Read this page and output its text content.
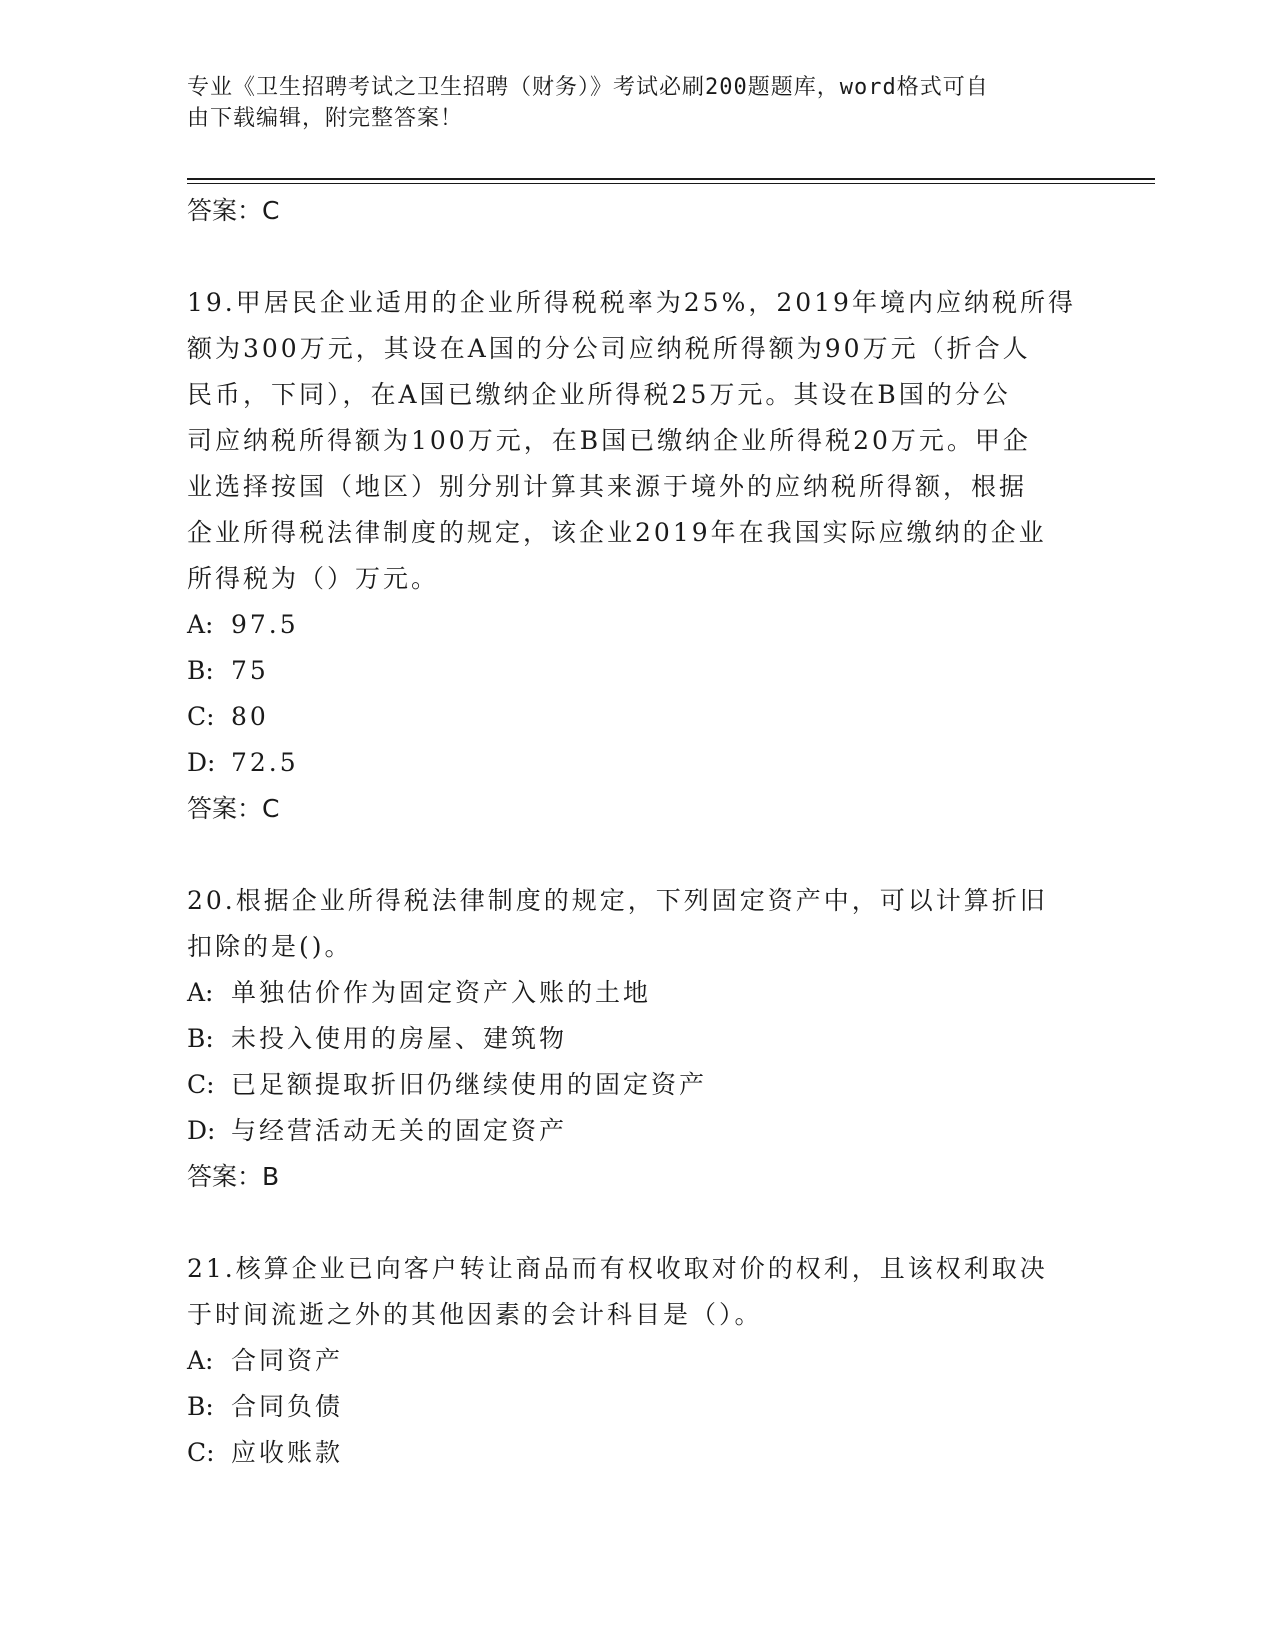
专业《卫生招聘考试之卫生招聘（财务）》考试必刷200题题库，word格式可自
由下载编辑，附完整答案！
答案：C
19.甲居民企业适用的企业所得税税率为25%，2019年境内应纳税所得
额为300万元，其设在A国的分公司应纳税所得额为90万元（折合人
民币，下同），在A国已缴纳企业所得税25万元。其设在B国的分公
司应纳税所得额为100万元，在B国已缴纳企业所得税20万元。甲企
业选择按国（地区）别分别计算其来源于境外的应纳税所得额，根据
企业所得税法律制度的规定，该企业2019年在我国实际应缴纳的企业
所得税为（）万元。
A: 97.5
B: 75
C: 80
D: 72.5
答案：C
20.根据企业所得税法律制度的规定，下列固定资产中，可以计算折旧
扣除的是()。
A: 单独估价作为固定资产入账的土地
B: 未投入使用的房屋、建筑物
C: 已足额提取折旧仍继续使用的固定资产
D: 与经营活动无关的固定资产
答案：B
21.核算企业已向客户转让商品而有权收取对价的权利，且该权利取决
于时间流逝之外的其他因素的会计科目是（）。
A: 合同资产
B: 合同负债
C: 应收账款
